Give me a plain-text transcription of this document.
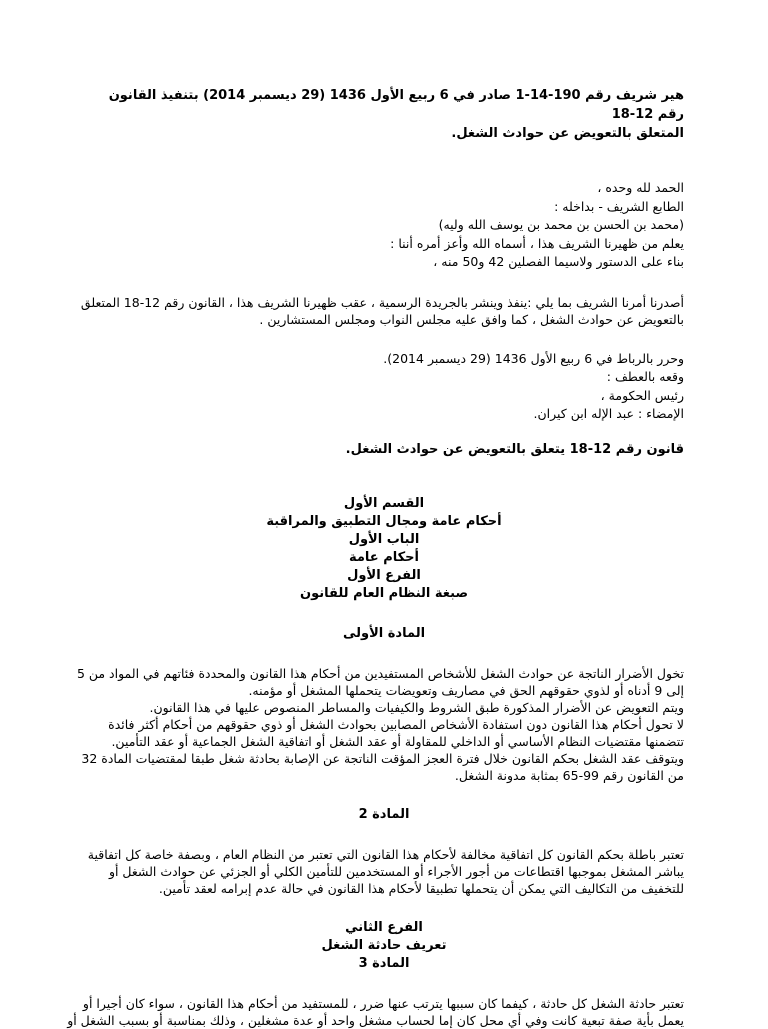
هير شريف رقم 190-14-1 صادر في 6 ربيع الأول 1436 (29 ديسمبر 2014) بتنفيذ القانون رقم 12-18
المتعلق بالتعويض عن حوادث الشغل.
الحمد لله وحده ،
الطابع الشريف - بداخله :
(محمد بن الحسن بن محمد بن يوسف الله وليه)
يعلم من ظهيرنا الشريف هذا ، أسماه الله وأعز أمره أننا :
بناء على الدستور ولاسيما الفصلين 42 و50 منه ،
أصدرنا أمرنا الشريف بما يلي :ينفذ وينشر بالجريدة الرسمية ، عقب ظهيرنا الشريف هذا ، القانون رقم 12-18 المتعلق
بالتعويض عن حوادث الشغل ، كما وافق عليه مجلس النواب ومجلس المستشارين .
وحرر بالرباط في 6 ربيع الأول 1436 (29 ديسمبر 2014).
وقعه بالعطف :
رئيس الحكومة ،
الإمضاء : عبد الإله ابن كيران.
قانون رقم 12-18 يتعلق بالتعويض عن حوادث الشغل.
القسم الأول
أحكام عامة ومجال التطبيق والمراقبة
الباب الأول
أحكام عامة
الفرع الأول
صبغة النظام العام للقانون
المادة الأولى
تخول الأضرار الناتجة عن حوادث الشغل للأشخاص المستفيدين من أحكام هذا القانون والمحددة فئاتهم في المواد من 5
إلى 9 أدناه أو لذوي حقوقهم الحق في مصاريف وتعويضات يتحملها المشغل أو مؤمنه.
ويتم التعويض عن الأضرار المذكورة طبق الشروط والكيفيات والمساطر المنصوص عليها في هذا القانون.
لا تحول أحكام هذا القانون دون استفادة الأشخاص المصابين بحوادث الشغل أو ذوي حقوقهم من أحكام أكثر فائدة
تتضمنها مقتضيات النظام الأساسي أو الداخلي للمقاولة أو عقد الشغل أو اتفاقية الشغل الجماعية أو عقد التأمين.
ويتوقف عقد الشغل بحكم القانون خلال فترة العجز المؤقت الناتجة عن الإصابة بحادثة شغل طبقا لمقتضيات المادة 32
من القانون رقم 99-65 بمثابة مدونة الشغل.
المادة 2
تعتبر باطلة بحكم القانون كل اتفاقية مخالفة لأحكام هذا القانون التي تعتبر من النظام العام ، وبصفة خاصة كل اتفاقية
يباشر المشغل بموجبها اقتطاعات من أجور الأجراء أو المستخدمين للتأمين الكلي أو الجزئي عن حوادث الشغل أو
للتخفيف من التكاليف التي يمكن أن يتحملها تطبيقا لأحكام هذا القانون في حالة عدم إبرامه لعقد تأمين.
الفرع الثاني
تعريف حادثة الشغل
المادة 3
تعتبر حادثة الشغل كل حادثة ، كيفما كان سببها يترتب عنها ضرر ، للمستفيد من أحكام هذا القانون ، سواء كان أجيرا أو
يعمل بأية صفة تبعية كانت وفي أي محل كان إما لحساب مشغل واحد أو عدة مشغلين ، وذلك بمناسبة أو بسبب الشغل أو
